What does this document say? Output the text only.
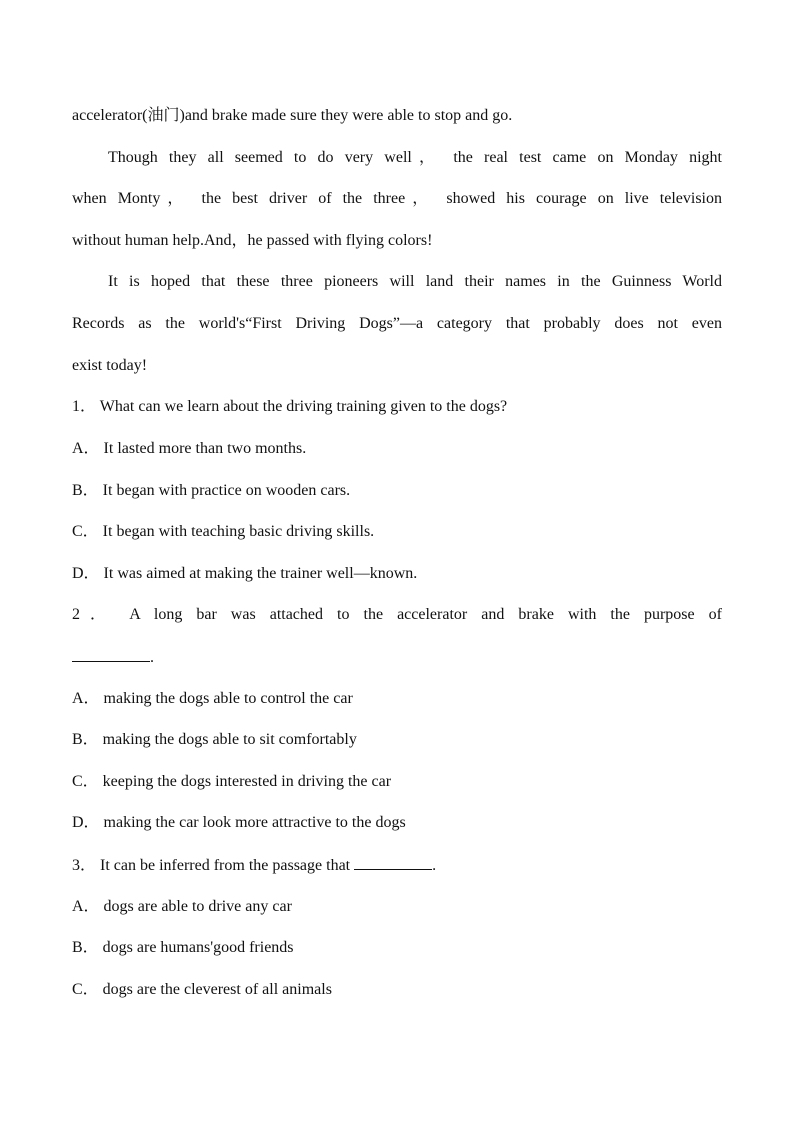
accelerator(油门)and brake made sure they were able to stop and go.
Though they all seemed to do very well， the real test came on Monday night
when Monty， the best driver of the three， showed his courage on live television
without human help.And，he passed with flying colors!
It is hoped that these three pioneers will land their names in the Guinness World
Records as the world's“First Driving Dogs”—a category that probably does not even
exist today!
1． What can we learn about the driving training given to the dogs?
A． It lasted more than two months.
B． It began with practice on wooden cars.
C． It began with teaching basic driving skills.
D． It was aimed at making the trainer well—known.
2． A long bar was attached to the accelerator and brake with the purpose of
.
A． making the dogs able to control the car
B． making the dogs able to sit comfortably
C． keeping the dogs interested in driving the car
D． making the car look more attractive to the dogs
3． It can be inferred from the passage that	.
A． dogs are able to drive any car
B． dogs are humans'good friends
C． dogs are the cleverest of all animals
